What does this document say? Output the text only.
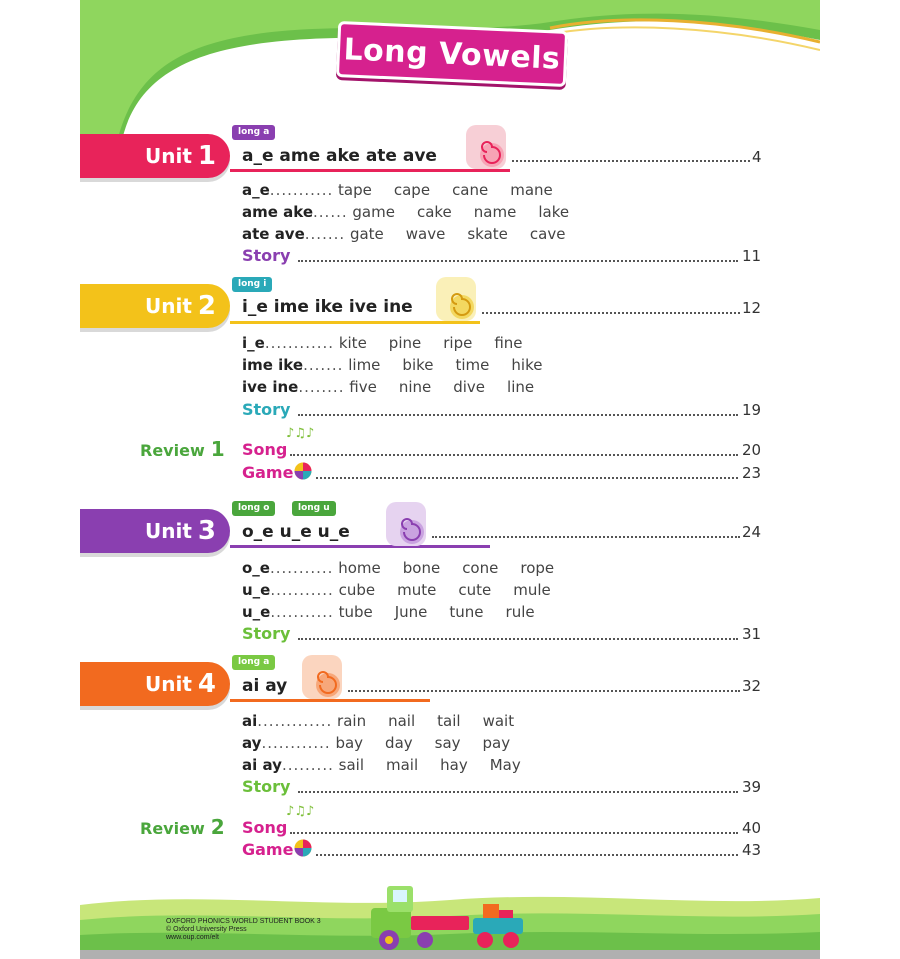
Long Vowels
Unit 1
long a
a_e ame ake ate ave	4
a_e........... tape cape cane mane
ame ake...... game cake name lake
ate ave....... gate wave skate cave
Story	11
Unit 2
long i
i_e ime ike ive ine	12
i_e............ kite pine ripe fine
ime ike....... lime bike time hike
ive ine........ five nine dive line
Story	19
Review 1
♪♫♪
Song	20
Game	23
Unit 3
long o	long u
o_e u_e u_e	24
o_e........... home bone cone rope
u_e........... cube mute cute mule
u_e........... tube June tune rule
Story	31
Unit 4
long a
ai ay	32
ai............. rain nail tail wait
ay............ bay day say pay
ai ay......... sail mail hay May
Story	39
Review 2
♪♫♪
Song	40
Game	43
OXFORD PHONICS WORLD STUDENT BOOK 3
© Oxford University Press
www.oup.com/elt
